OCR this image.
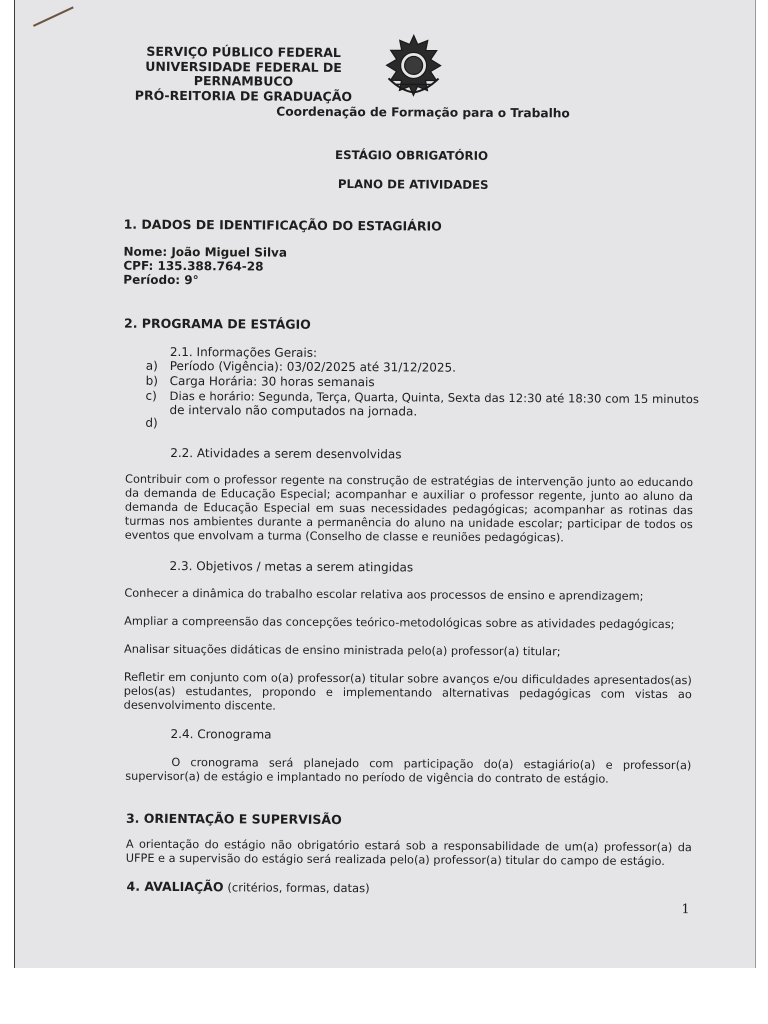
SERVIÇO PÚBLICO FEDERAL
UNIVERSIDADE FEDERAL DE
PERNAMBUCO
PRÓ-REITORIA DE GRADUAÇÃO
Coordenação de Formação para o Trabalho
ESTÁGIO OBRIGATÓRIO
PLANO DE ATIVIDADES
1. DADOS DE IDENTIFICAÇÃO DO ESTAGIÁRIO
Nome: João Miguel Silva
CPF: 135.388.764-28
Período: 9°
2. PROGRAMA DE ESTÁGIO
2.1. Informações Gerais:
a) Período (Vigência): 03/02/2025 até 31/12/2025.
b) Carga Horária: 30 horas semanais
c) Dias e horário: Segunda, Terça, Quarta, Quinta, Sexta das 12:30 até 18:30 com 15 minutos
de intervalo não computados na jornada.
d)
2.2. Atividades a serem desenvolvidas
Contribuir com o professor regente na construção de estratégias de intervenção junto ao educando da demanda de Educação Especial; acompanhar e auxiliar o professor regente, junto ao aluno da demanda de Educação Especial em suas necessidades pedagógicas; acompanhar as rotinas das turmas nos ambientes durante a permanência do aluno na unidade escolar; participar de todos os eventos que envolvam a turma (Conselho de classe e reuniões pedagógicas).
2.3. Objetivos / metas a serem atingidas
Conhecer a dinâmica do trabalho escolar relativa aos processos de ensino e aprendizagem;
Ampliar a compreensão das concepções teórico-metodológicas sobre as atividades pedagógicas;
Analisar situações didáticas de ensino ministrada pelo(a) professor(a) titular;
Refletir em conjunto com o(a) professor(a) titular sobre avanços e/ou dificuldades apresentados(as) pelos(as) estudantes, propondo e implementando alternativas pedagógicas com vistas ao desenvolvimento discente.
2.4. Cronograma
O cronograma será planejado com participação do(a) estagiário(a) e professor(a) supervisor(a) de estágio e implantado no período de vigência do contrato de estágio.
3. ORIENTAÇÃO E SUPERVISÃO
A orientação do estágio não obrigatório estará sob a responsabilidade de um(a) professor(a) da UFPE e a supervisão do estágio será realizada pelo(a) professor(a) titular do campo de estágio.
4. AVALIAÇÃO (critérios, formas, datas)
1
